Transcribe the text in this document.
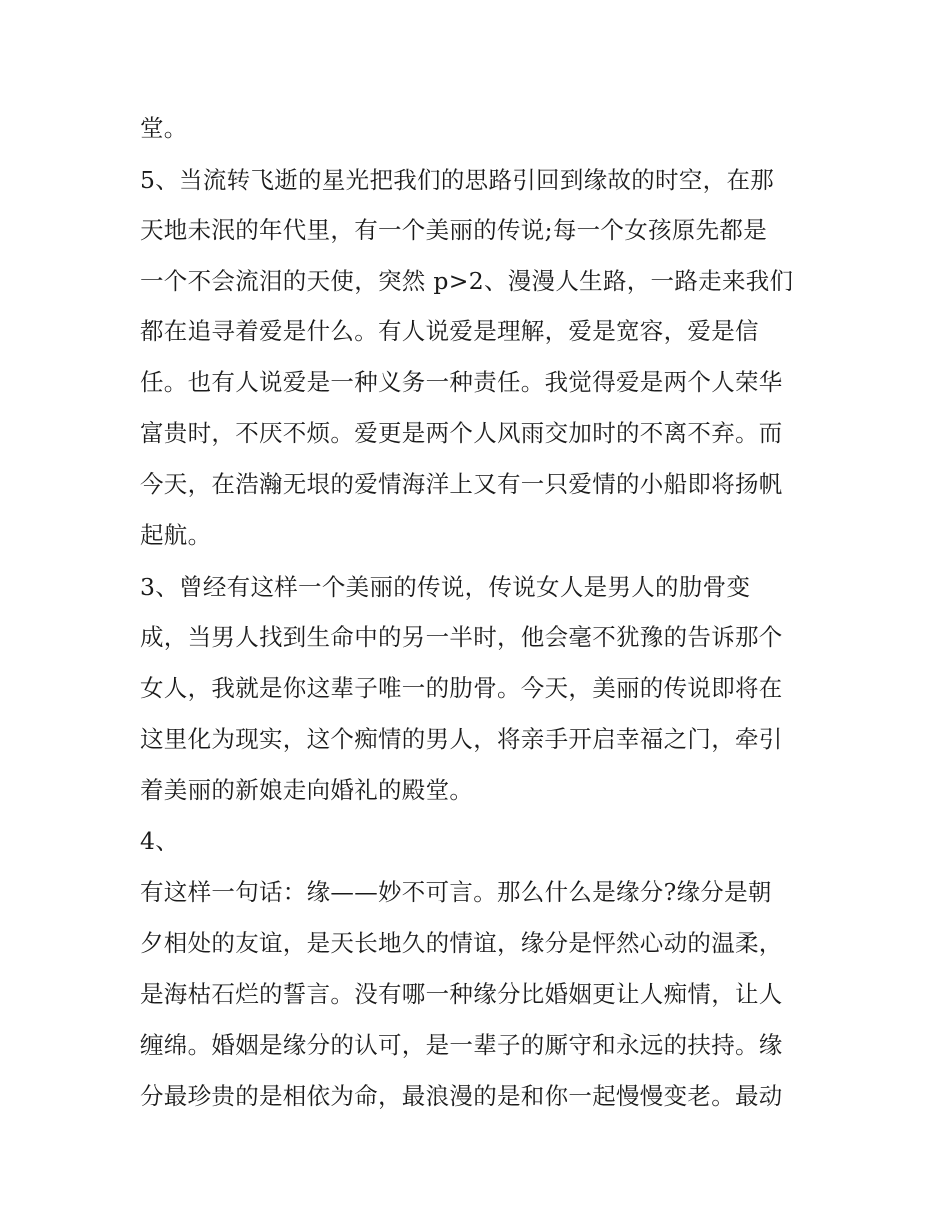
堂。
5、当流转飞逝的星光把我们的思路引回到缘故的时空，在那
天地未泯的年代里，有一个美丽的传说;每一个女孩原先都是
一个不会流泪的天使，突然 p>2、漫漫人生路，一路走来我们
都在追寻着爱是什么。有人说爱是理解，爱是宽容，爱是信
任。也有人说爱是一种义务一种责任。我觉得爱是两个人荣华
富贵时，不厌不烦。爱更是两个人风雨交加时的不离不弃。而
今天，在浩瀚无垠的爱情海洋上又有一只爱情的小船即将扬帆
起航。
3、曾经有这样一个美丽的传说，传说女人是男人的肋骨变
成，当男人找到生命中的另一半时，他会毫不犹豫的告诉那个
女人，我就是你这辈子唯一的肋骨。今天，美丽的传说即将在
这里化为现实，这个痴情的男人，将亲手开启幸福之门，牵引
着美丽的新娘走向婚礼的殿堂。
4、
有这样一句话：缘——妙不可言。那么什么是缘分?缘分是朝
夕相处的友谊，是天长地久的情谊，缘分是怦然心动的温柔，
是海枯石烂的誓言。没有哪一种缘分比婚姻更让人痴情，让人
缠绵。婚姻是缘分的认可，是一辈子的厮守和永远的扶持。缘
分最珍贵的是相依为命，最浪漫的是和你一起慢慢变老。最动
